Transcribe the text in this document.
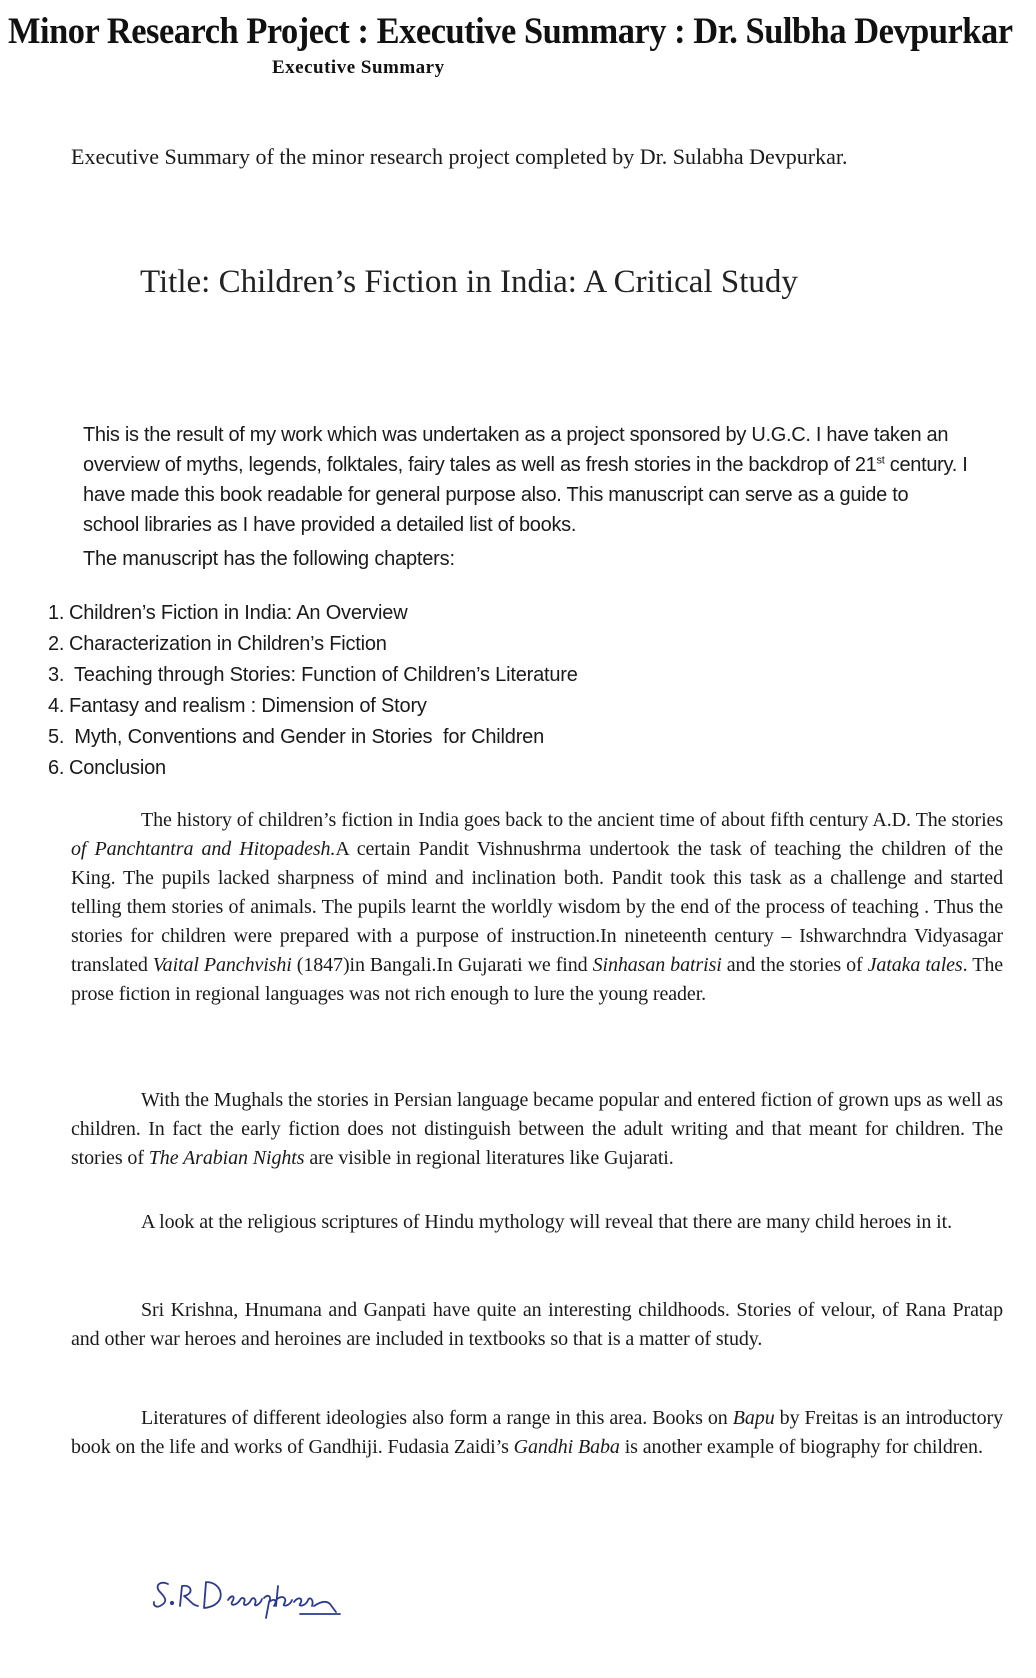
Minor Research Project : Executive Summary : Dr. Sulbha Devpurkar
Executive Summary
Executive Summary of the minor research project completed by Dr. Sulabha Devpurkar.
Title: Children’s Fiction in India: A Critical Study
This is the result of my work which was undertaken as a project sponsored by U.G.C. I have taken an overview of myths, legends, folktales, fairy tales as well as fresh stories in the backdrop of 21st century. I have made this book readable for general purpose also. This manuscript can serve as a guide to school libraries as I have provided a detailed list of books.
The manuscript has the following chapters:
1. Children’s Fiction in India: An Overview
2. Characterization in Children’s Fiction
3. Teaching through Stories: Function of Children’s Literature
4. Fantasy and realism : Dimension of Story
5. Myth, Conventions and Gender in Stories  for Children
6. Conclusion
The history of children’s fiction in India goes back to the ancient time of about fifth century A.D. The stories of Panchtantra and Hitopadesh.A certain Pandit Vishnushrma undertook the task of teaching the children of the King. The pupils lacked sharpness of mind and inclination both. Pandit took this task as a challenge and started telling them stories of animals. The pupils learnt the worldly wisdom by the end of the process of teaching . Thus the stories for children were prepared with a purpose of instruction.In nineteenth century – Ishwarchndra Vidyasagar translated Vaital Panchvishi (1847)in Bangali.In Gujarati we find Sinhasan batrisi and the stories of Jataka tales. The prose fiction in regional languages was not rich enough to lure the young reader.
With the Mughals the stories in Persian language became popular and entered fiction of grown ups as well as children. In fact the early fiction does not distinguish between the adult writing and that meant for children. The stories of The Arabian Nights are visible in regional literatures like Gujarati.
A look at the religious scriptures of Hindu mythology will reveal that there are many child heroes in it.
Sri Krishna, Hnumana and Ganpati have quite an interesting childhoods. Stories of velour, of Rana Pratap and other war heroes and heroines are included in textbooks so that is a matter of study.
Literatures of different ideologies also form a range in this area. Books on Bapu by Freitas is an introductory book on the life and works of Gandhiji. Fudasia Zaidi’s Gandhi Baba is another example of biography for children.
